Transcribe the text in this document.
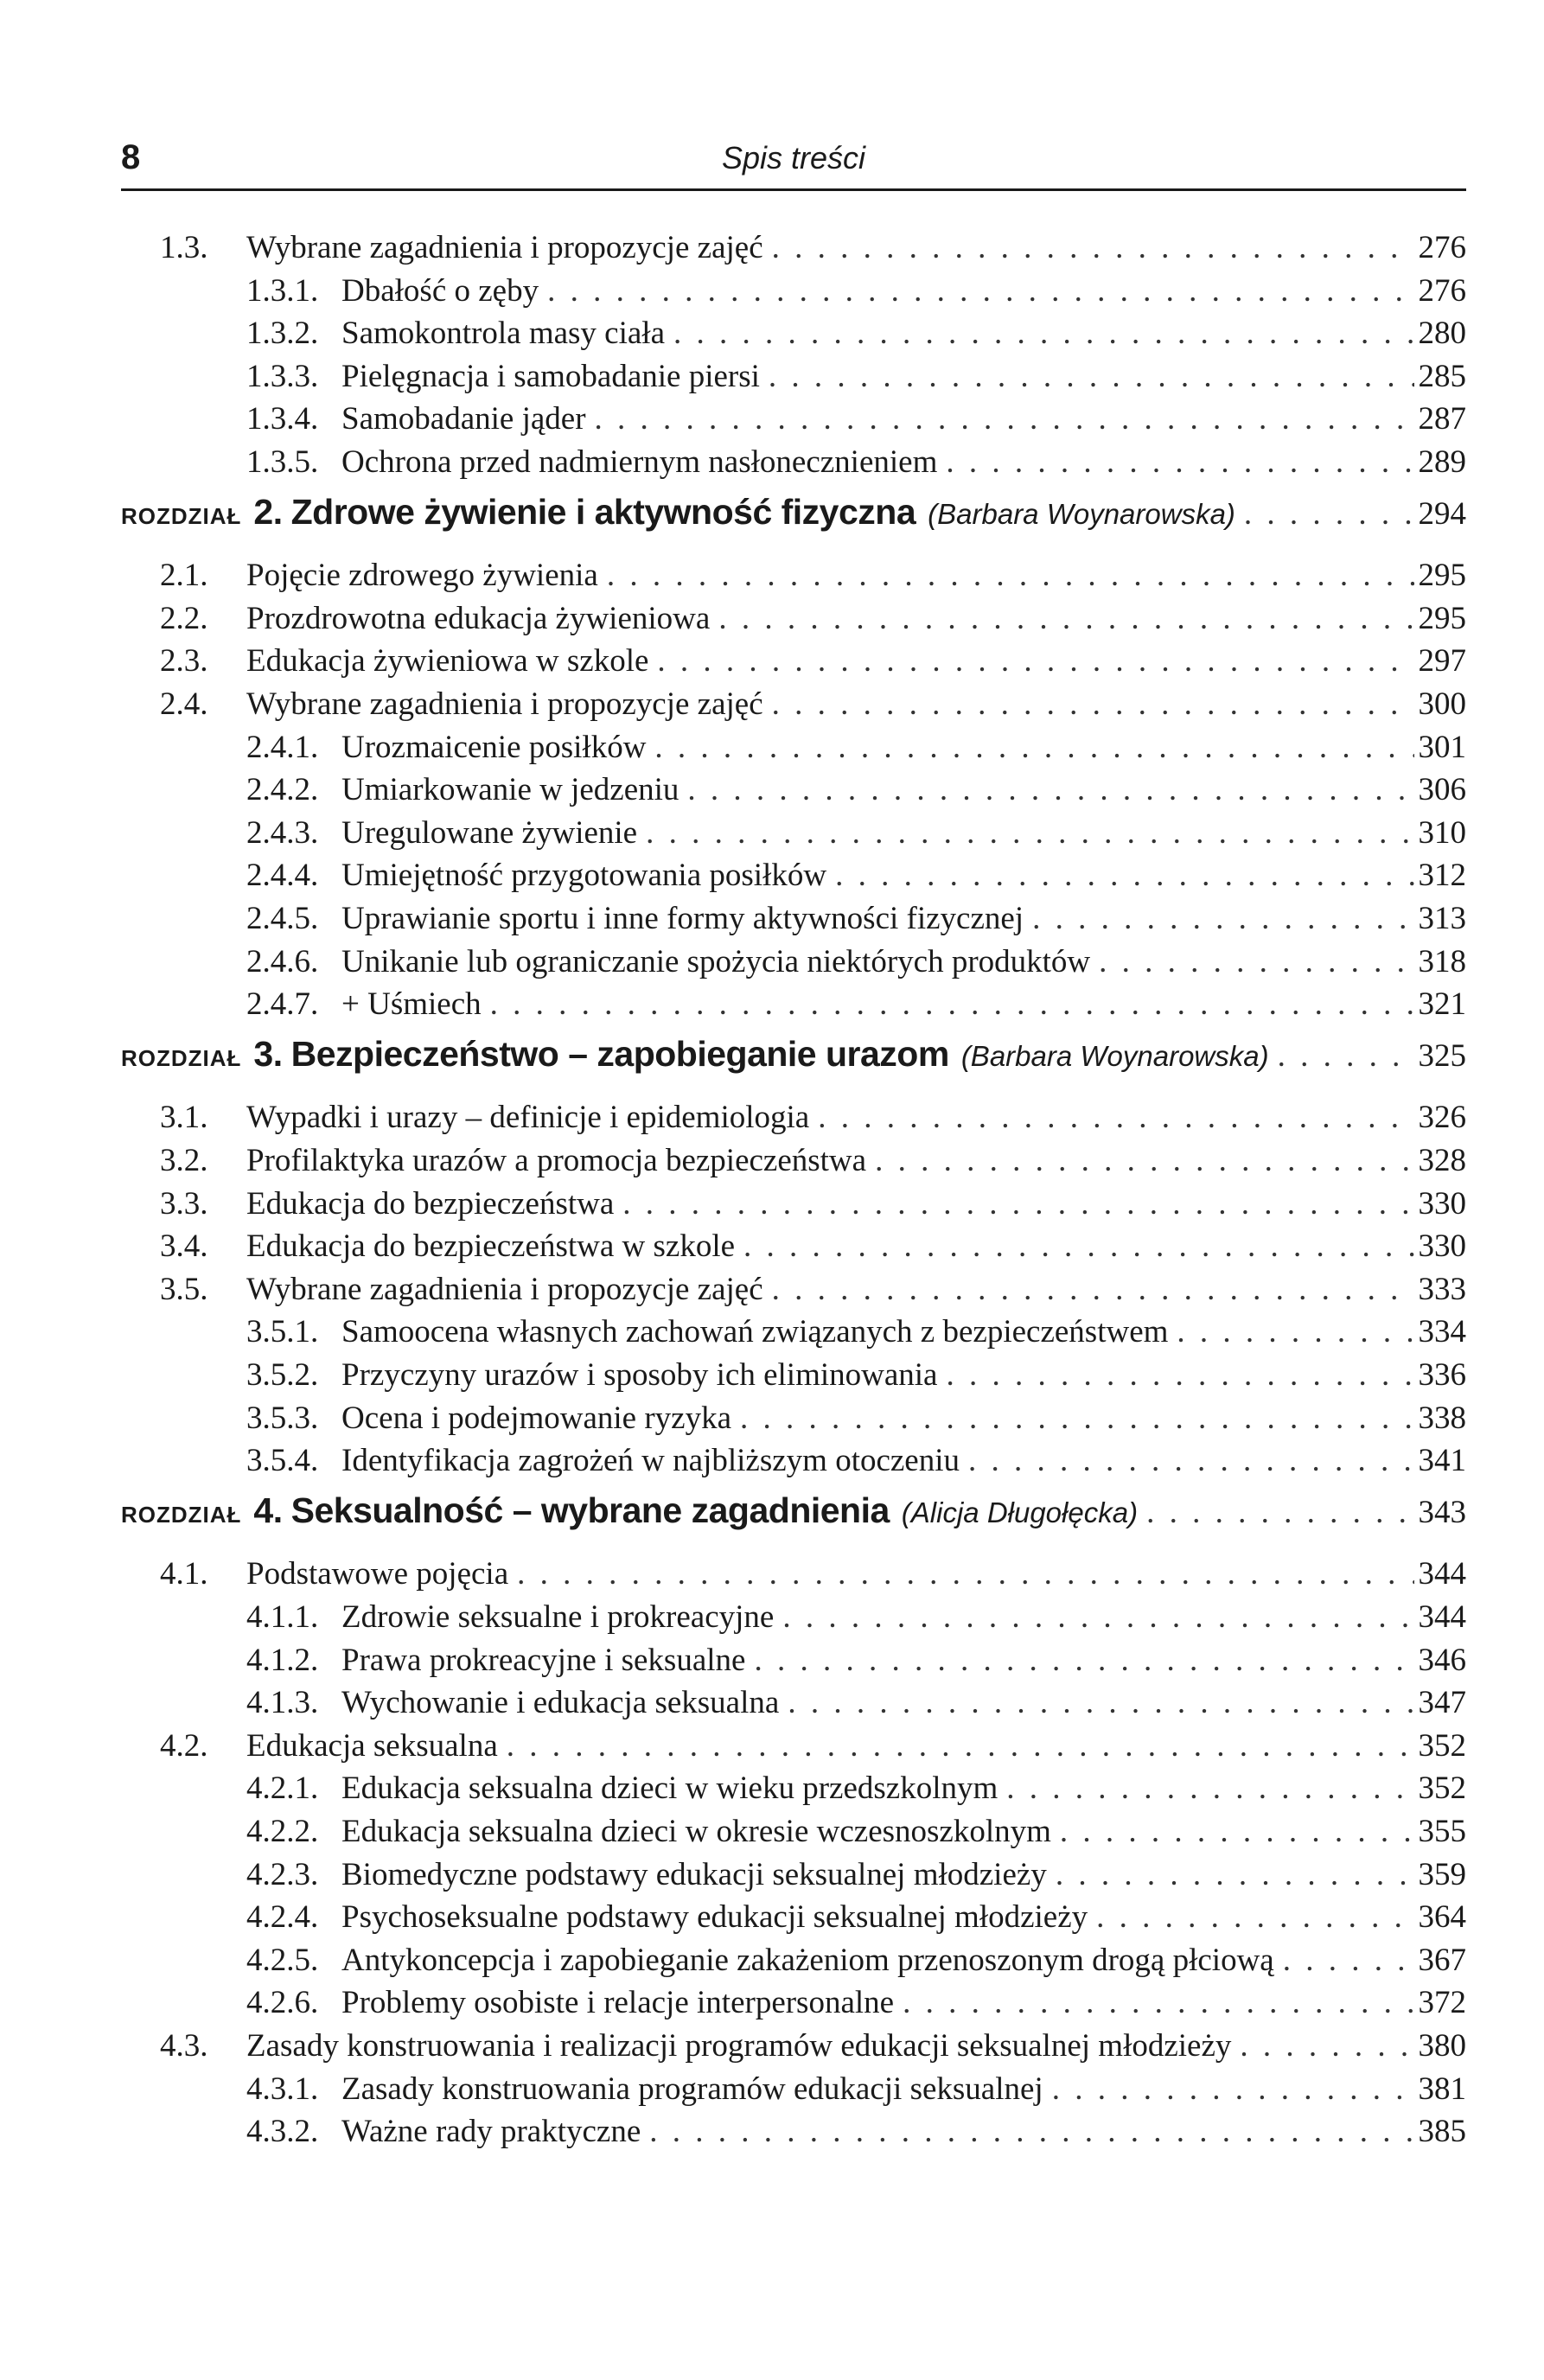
8	Spis treści
1.3.	Wybrane zagadnienia i propozycje zajęć . . .	276
1.3.1. Dbałość o zęby . . .	276
1.3.2. Samokontrola masy ciała . . .	280
1.3.3. Pielęgnacja i samobadanie piersi . . .	285
1.3.4. Samobadanie jąder . . .	287
1.3.5. Ochrona przed nadmiernym nasłonecznieniem . . .	289
ROZDZIAŁ 2. Zdrowe żywienie i aktywność fizyczna (Barbara Woynarowska) . . .	294
2.1.	Pojęcie zdrowego żywienia . . .	295
2.2.	Prozdrowotna edukacja żywieniowa . . .	295
2.3.	Edukacja żywieniowa w szkole . . .	297
2.4.	Wybrane zagadnienia i propozycje zajęć . . .	300
2.4.1. Urozmaicenie posiłków . . .	301
2.4.2. Umiarkowanie w jedzeniu . . .	306
2.4.3. Uregulowane żywienie . . .	310
2.4.4. Umiejętność przygotowania posiłków . . .	312
2.4.5. Uprawianie sportu i inne formy aktywności fizycznej . . .	313
2.4.6. Unikanie lub ograniczanie spożycia niektórych produktów . . .	318
2.4.7. + Uśmiech . . .	321
ROZDZIAŁ 3. Bezpieczeństwo – zapobieganie urazom (Barbara Woynarowska) . . .	325
3.1.	Wypadki i urazy – definicje i epidemiologia . . .	326
3.2.	Profilaktyka urazów a promocja bezpieczeństwa . . .	328
3.3.	Edukacja do bezpieczeństwa . . .	330
3.4.	Edukacja do bezpieczeństwa w szkole . . .	330
3.5.	Wybrane zagadnienia i propozycje zajęć . . .	333
3.5.1. Samoocena własnych zachowań związanych z bezpieczeństwem . . .	334
3.5.2. Przyczyny urazów i sposoby ich eliminowania . . .	336
3.5.3. Ocena i podejmowanie ryzyka . . .	338
3.5.4. Identyfikacja zagrożeń w najbliższym otoczeniu . . .	341
ROZDZIAŁ 4. Seksualność – wybrane zagadnienia (Alicja Długołęcka) . . .	343
4.1.	Podstawowe pojęcia . . .	344
4.1.1. Zdrowie seksualne i prokreacyjne . . .	344
4.1.2. Prawa prokreacyjne i seksualne . . .	346
4.1.3. Wychowanie i edukacja seksualna . . .	347
4.2.	Edukacja seksualna . . .	352
4.2.1. Edukacja seksualna dzieci w wieku przedszkolnym . . .	352
4.2.2. Edukacja seksualna dzieci w okresie wczesnoszkolnym . . .	355
4.2.3. Biomedyczne podstawy edukacji seksualnej młodzieży . . .	359
4.2.4. Psychoseksualne podstawy edukacji seksualnej młodzieży . . .	364
4.2.5. Antykoncepcja i zapobieganie zakażeniom przenoszonym drogą płciową . . .	367
4.2.6. Problemy osobiste i relacje interpersonalne . . .	372
4.3.	Zasady konstruowania i realizacji programów edukacji seksualnej młodzieży . . .	380
4.3.1. Zasady konstruowania programów edukacji seksualnej . . .	381
4.3.2. Ważne rady praktyczne . . .	385
